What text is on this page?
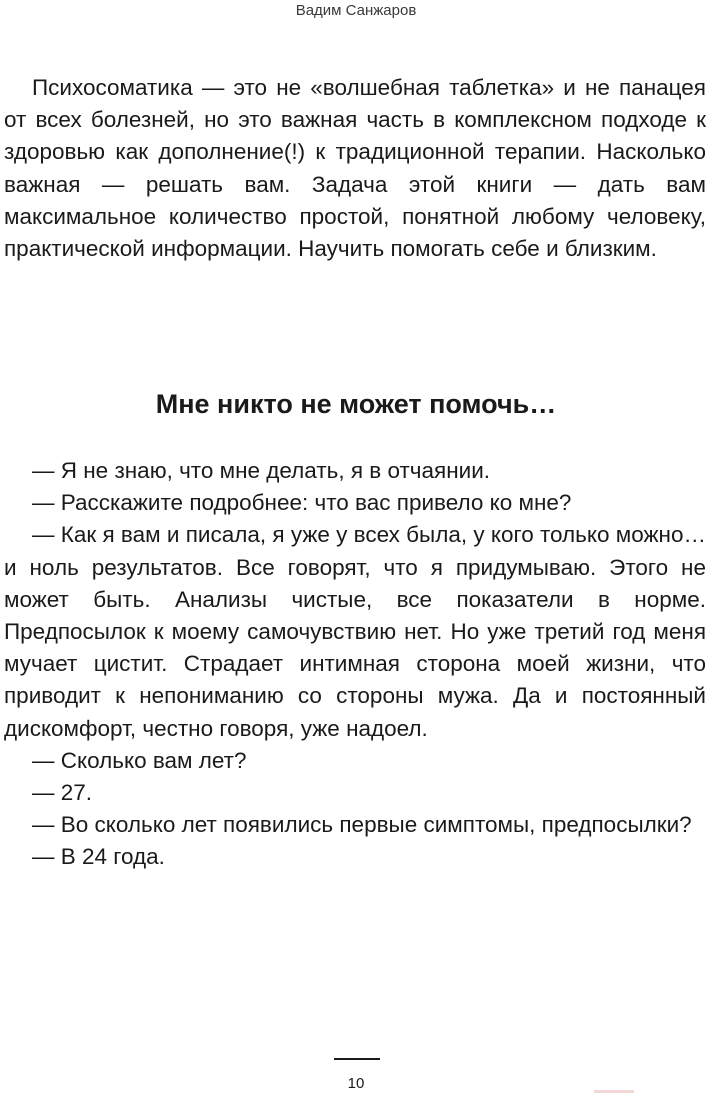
Вадим Санжаров

Психосоматика — это не «волшебная таблетка» и не панацея от всех болезней, но это важная часть в комплексном подходе к здоровью как дополнение(!) к традиционной терапии. Насколько важная — решать вам. Задача этой книги — дать вам максимальное количество простой, понятной любому человеку, практической информации. Научить помогать себе и близким.

Мне никто не может помочь…

— Я не знаю, что мне делать, я в отчаянии.

— Расскажите подробнее: что вас привело ко мне?

— Как я вам и писала, я уже у всех была, у кого только можно… и ноль результатов. Все говорят, что я придумываю. Этого не может быть. Анализы чистые, все показатели в норме. Предпосылок к моему самочувствию нет. Но уже третий год меня мучает цистит. Страдает интимная сторона моей жизни, что приводит к непониманию со стороны мужа. Да и постоянный дискомфорт, честно говоря, уже надоел.

— Сколько вам лет?

— 27.

— Во сколько лет появились первые симптомы, предпосылки?

— В 24 года.

10
